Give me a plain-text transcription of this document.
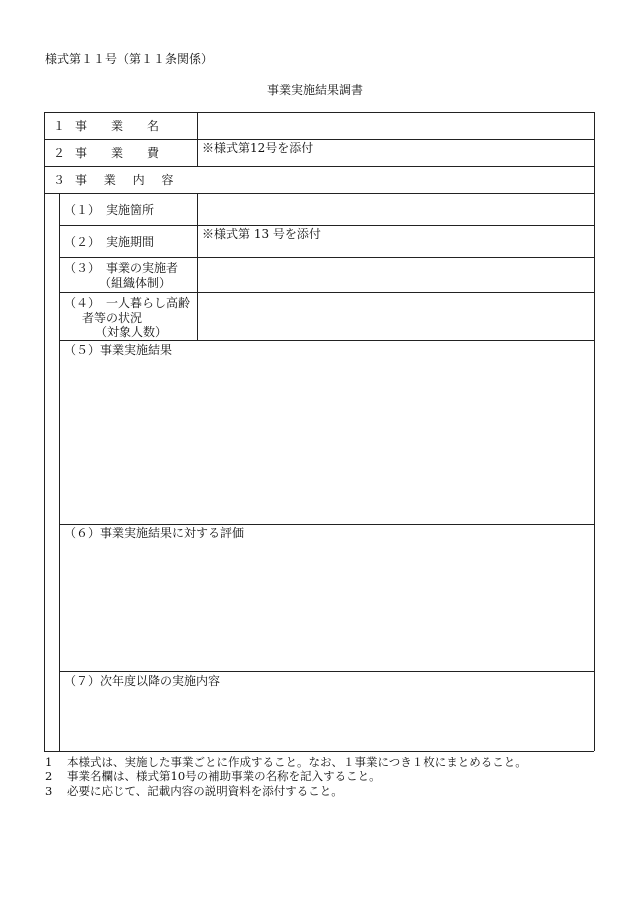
様式第１１号（第１１条関係）
事業実施結果調書
１ 事　　業　　名
２ 事　　業　　費	※様式第12号を添付
３ 事　業　内　容
（１）　実施箇所
（２）　実施期間
※様式第 13 号を添付
（３）　事業の実施者
（組織体制）
（４）　一人暮らし高齢
者等の状況
（対象人数）
（５）事業実施結果
（６）事業実施結果に対する評価
（７）次年度以降の実施内容
1 本様式は、実施した事業ごとに作成すること。なお、１事業につき１枚にまとめること。
2 事業名欄は、様式第10号の補助事業の名称を記入すること。
3 必要に応じて、記載内容の説明資料を添付すること。
